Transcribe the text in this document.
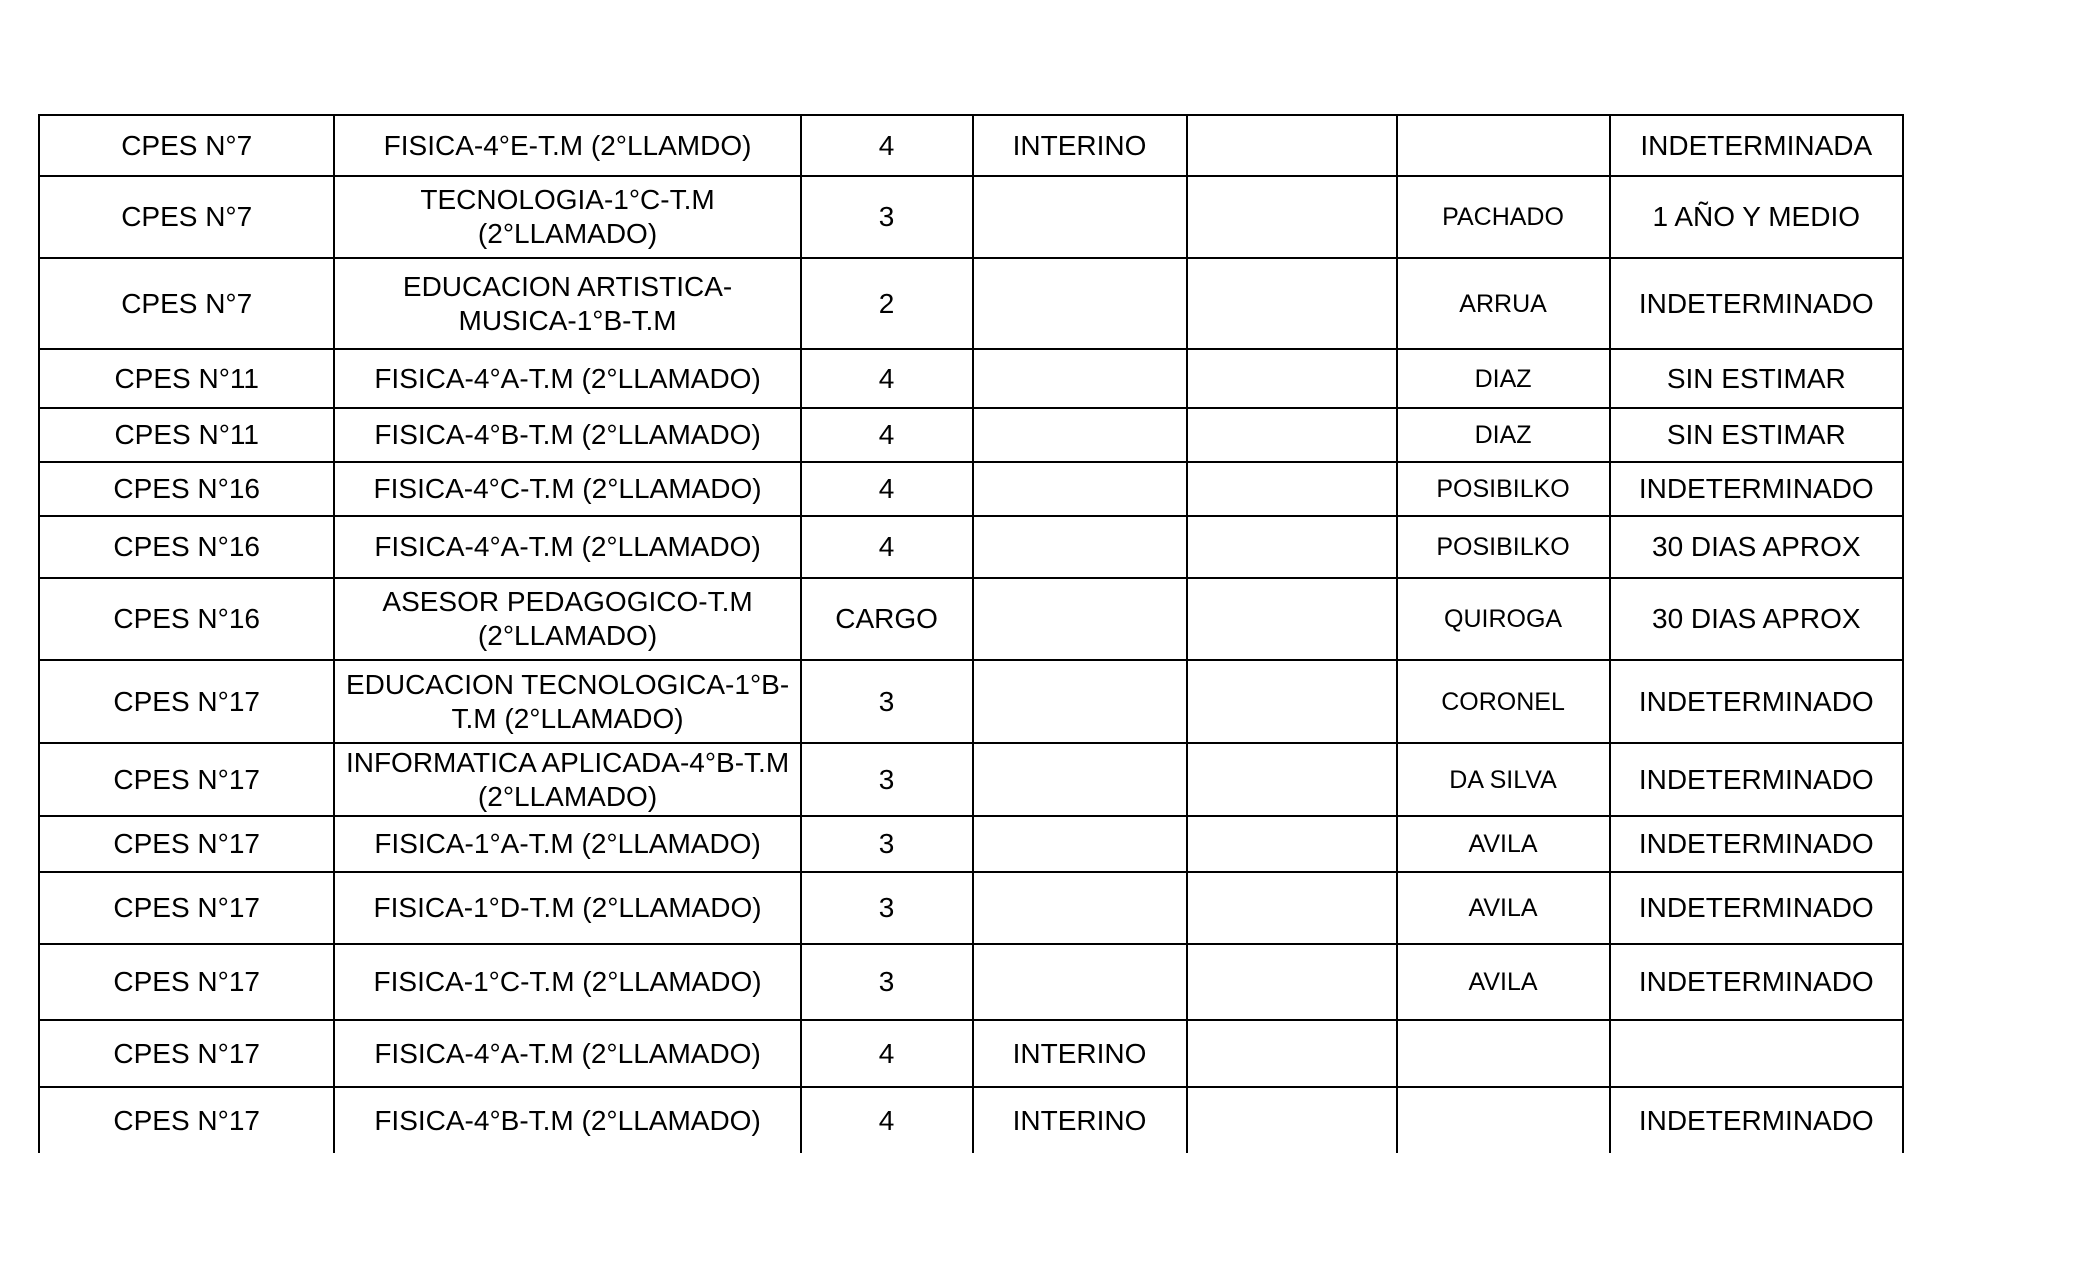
CPES N°7	FISICA-4°E-T.M (2°LLAMDO)	4	INTERINO			INDETERMINADA
CPES N°7	TECNOLOGIA-1°C-T.M (2°LLAMADO)	3			PACHADO	1 AÑO Y MEDIO
CPES N°7	EDUCACION ARTISTICA-MUSICA-1°B-T.M	2			ARRUA	INDETERMINADO
CPES N°11	FISICA-4°A-T.M (2°LLAMADO)	4			DIAZ	SIN ESTIMAR
CPES N°11	FISICA-4°B-T.M (2°LLAMADO)	4			DIAZ	SIN ESTIMAR
CPES N°16	FISICA-4°C-T.M (2°LLAMADO)	4			POSIBILKO	INDETERMINADO
CPES N°16	FISICA-4°A-T.M (2°LLAMADO)	4			POSIBILKO	30 DIAS APROX
CPES N°16	ASESOR PEDAGOGICO-T.M (2°LLAMADO)	CARGO			QUIROGA	30 DIAS APROX
CPES N°17	EDUCACION TECNOLOGICA-1°B-T.M (2°LLAMADO)	3			CORONEL	INDETERMINADO
CPES N°17	INFORMATICA APLICADA-4°B-T.M (2°LLAMADO)	3			DA SILVA	INDETERMINADO
CPES N°17	FISICA-1°A-T.M (2°LLAMADO)	3			AVILA	INDETERMINADO
CPES N°17	FISICA-1°D-T.M (2°LLAMADO)	3			AVILA	INDETERMINADO
CPES N°17	FISICA-1°C-T.M (2°LLAMADO)	3			AVILA	INDETERMINADO
CPES N°17	FISICA-4°A-T.M (2°LLAMADO)	4	INTERINO			
CPES N°17	FISICA-4°B-T.M (2°LLAMADO)	4	INTERINO			INDETERMINADO
